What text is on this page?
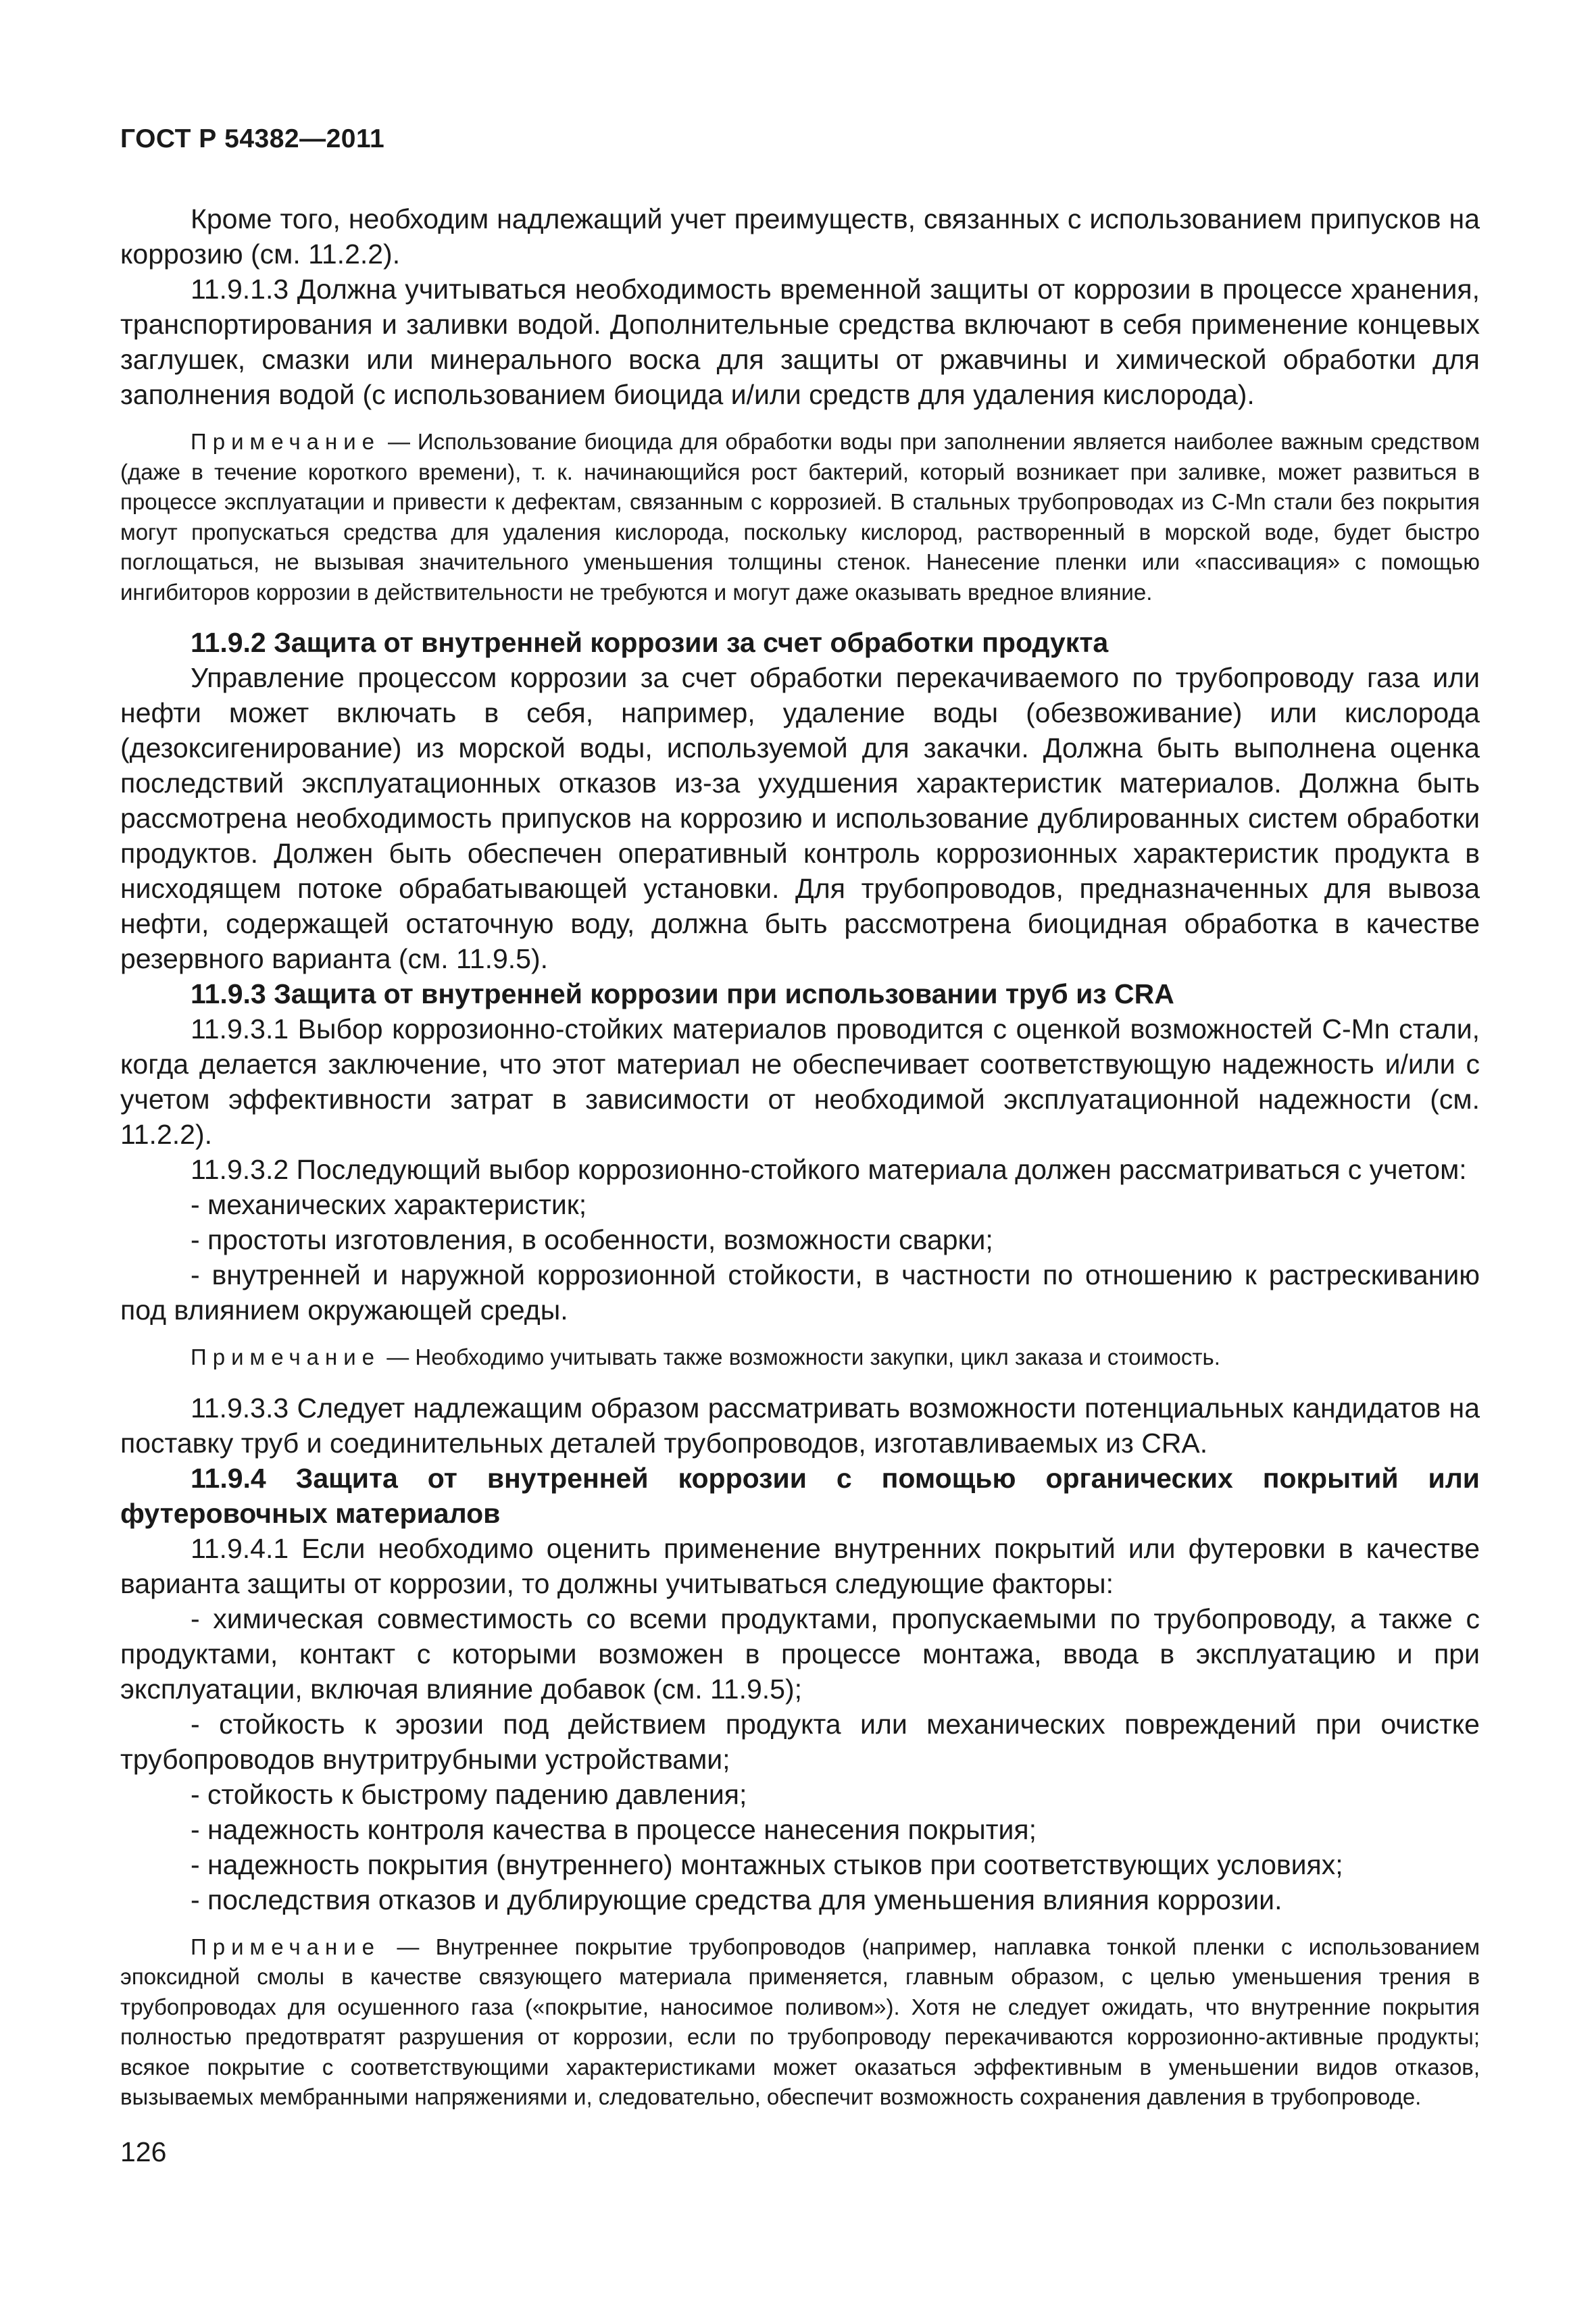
ГОСТ Р 54382—2011

Кроме того, необходим надлежащий учет преимуществ, связанных с использованием припусков на коррозию (см. 11.2.2).

11.9.1.3 Должна учитываться необходимость временной защиты от коррозии в процессе хранения, транспортирования и заливки водой. Дополнительные средства включают в себя применение концевых заглушек, смазки или минерального воска для защиты от ржавчины и химической обработки для заполнения водой (с использованием биоцида и/или средств для удаления кислорода).

Примечание — Использование биоцида для обработки воды при заполнении является наиболее важным средством (даже в течение короткого времени), т. к. начинающийся рост бактерий, который возникает при заливке, может развиться в процессе эксплуатации и привести к дефектам, связанным с коррозией. В стальных трубопроводах из C-Mn стали без покрытия могут пропускаться средства для удаления кислорода, поскольку кислород, растворенный в морской воде, будет быстро поглощаться, не вызывая значительного уменьшения толщины стенок. Нанесение пленки или «пассивация» с помощью ингибиторов коррозии в действительности не требуются и могут даже оказывать вредное влияние.

11.9.2 Защита от внутренней коррозии за счет обработки продукта

Управление процессом коррозии за счет обработки перекачиваемого по трубопроводу газа или нефти может включать в себя, например, удаление воды (обезвоживание) или кислорода (дезоксигенирование) из морской воды, используемой для закачки. Должна быть выполнена оценка последствий эксплуатационных отказов из-за ухудшения характеристик материалов. Должна быть рассмотрена необходимость припусков на коррозию и использование дублированных систем обработки продуктов. Должен быть обеспечен оперативный контроль коррозионных характеристик продукта в нисходящем потоке обрабатывающей установки. Для трубопроводов, предназначенных для вывоза нефти, содержащей остаточную воду, должна быть рассмотрена биоцидная обработка в качестве резервного варианта (см. 11.9.5).

11.9.3 Защита от внутренней коррозии при использовании труб из CRA

11.9.3.1 Выбор коррозионно-стойких материалов проводится с оценкой возможностей C-Mn стали, когда делается заключение, что этот материал не обеспечивает соответствующую надежность и/или с учетом эффективности затрат в зависимости от необходимой эксплуатационной надежности (см. 11.2.2).

11.9.3.2 Последующий выбор коррозионно-стойкого материала должен рассматриваться с учетом:

- механических характеристик;

- простоты изготовления, в особенности, возможности сварки;

- внутренней и наружной коррозионной стойкости, в частности по отношению к растрескиванию под влиянием окружающей среды.

Примечание — Необходимо учитывать также возможности закупки, цикл заказа и стоимость.

11.9.3.3 Следует надлежащим образом рассматривать возможности потенциальных кандидатов на поставку труб и соединительных деталей трубопроводов, изготавливаемых из CRA.

11.9.4 Защита от внутренней коррозии с помощью органических покрытий или футеровочных материалов

11.9.4.1 Если необходимо оценить применение внутренних покрытий или футеровки в качестве варианта защиты от коррозии, то должны учитываться следующие факторы:

- химическая совместимость со всеми продуктами, пропускаемыми по трубопроводу, а также с продуктами, контакт с которыми возможен в процессе монтажа, ввода в эксплуатацию и при эксплуатации, включая влияние добавок (см. 11.9.5);

- стойкость к эрозии под действием продукта или механических повреждений при очистке трубопроводов внутритрубными устройствами;

- стойкость к быстрому падению давления;

- надежность контроля качества в процессе нанесения покрытия;

- надежность покрытия (внутреннего) монтажных стыков при соответствующих условиях;

- последствия отказов и дублирующие средства для уменьшения влияния коррозии.

Примечание — Внутреннее покрытие трубопроводов (например, наплавка тонкой пленки с использованием эпоксидной смолы в качестве связующего материала применяется, главным образом, с целью уменьшения трения в трубопроводах для осушенного газа («покрытие, наносимое поливом»). Хотя не следует ожидать, что внутренние покрытия полностью предотвратят разрушения от коррозии, если по трубопроводу перекачиваются коррозионно-активные продукты; всякое покрытие с соответствующими характеристиками может оказаться эффективным в уменьшении видов отказов, вызываемых мембранными напряжениями и, следовательно, обеспечит возможность сохранения давления в трубопроводе.

126
